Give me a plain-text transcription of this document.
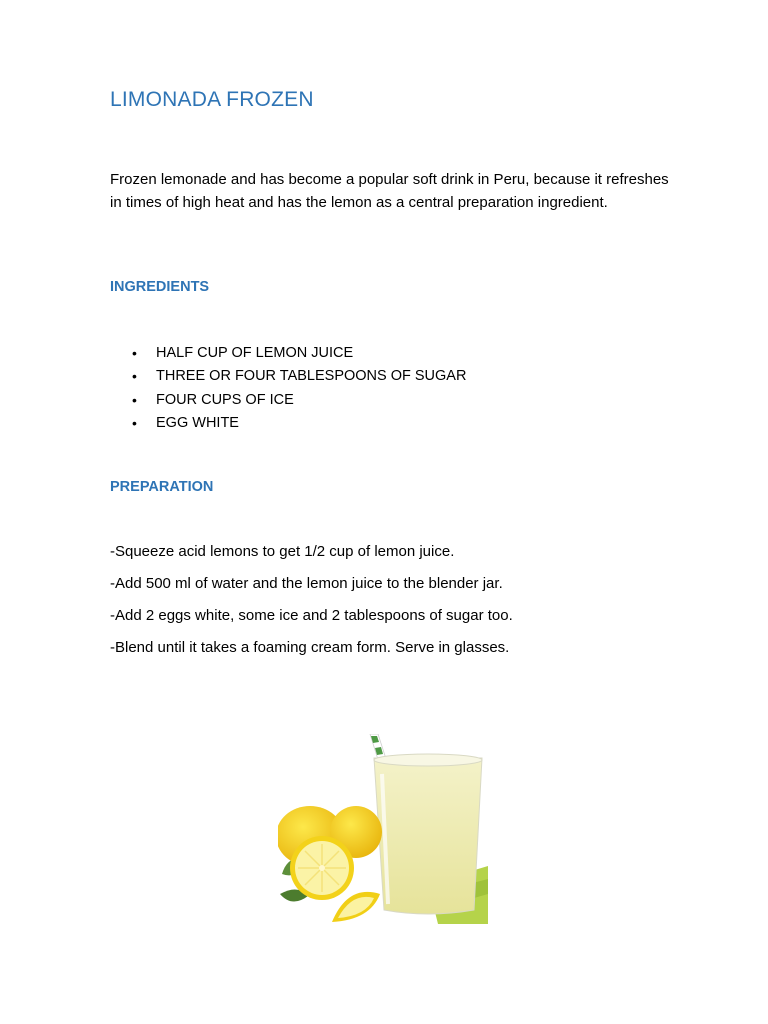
LIMONADA FROZEN

Frozen lemonade and has become a popular soft drink in Peru, because it refreshes in times of high heat and has the lemon as a central preparation ingredient.

INGREDIENTS
• HALF CUP OF LEMON JUICE
• THREE OR FOUR TABLESPOONS OF SUGAR
• FOUR CUPS OF ICE
• EGG WHITE
PREPARATION

-Squeeze acid lemons to get 1/2 cup of lemon juice.

-Add 500 ml of water and the lemon juice to the blender jar.

-Add 2 eggs white, some ice and 2 tablespoons of sugar too.

-Blend until it takes a foaming cream form. Serve in glasses.
